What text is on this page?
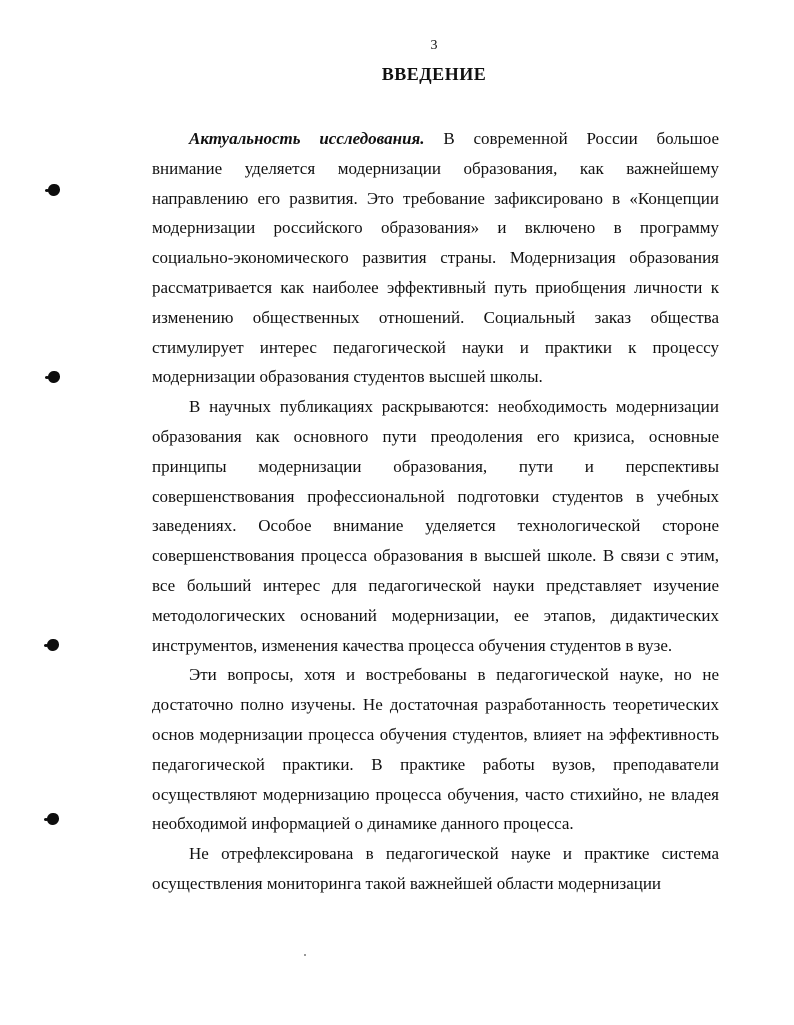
3
ВВЕДЕНИЕ

Актуальность исследования. В современной России большое внимание уделяется модернизации образования, как важнейшему направлению его развития. Это требование зафиксировано в «Концепции модернизации российского образования» и включено в программу социально-экономического развития страны. Модернизация образования рассматривается как наиболее эффективный путь приобщения личности к изменению общественных отношений. Социальный заказ общества стимулирует интерес педагогической науки и практики к процессу модернизации образования студентов высшей школы.

В научных публикациях раскрываются: необходимость модернизации образования как основного пути преодоления его кризиса, основные принципы модернизации образования, пути и перспективы совершенствования профессиональной подготовки студентов в учебных заведениях. Особое внимание уделяется технологической стороне совершенствования процесса образования в высшей школе. В связи с этим, все больший интерес для педагогической науки представляет изучение методологических оснований модернизации, ее этапов, дидактических инструментов, изменения качества процесса обучения студентов в вузе.

Эти вопросы, хотя и востребованы в педагогической науке, но не достаточно полно изучены. Не достаточная разработанность теоретических основ модернизации процесса обучения студентов, влияет на эффективность педагогической практики. В практике работы вузов, преподаватели осуществляют модернизацию процесса обучения, часто стихийно, не владея необходимой информацией о динамике данного процесса.

Не отрефлексирована в педагогической науке и практике система осуществления мониторинга такой важнейшей области модернизации
